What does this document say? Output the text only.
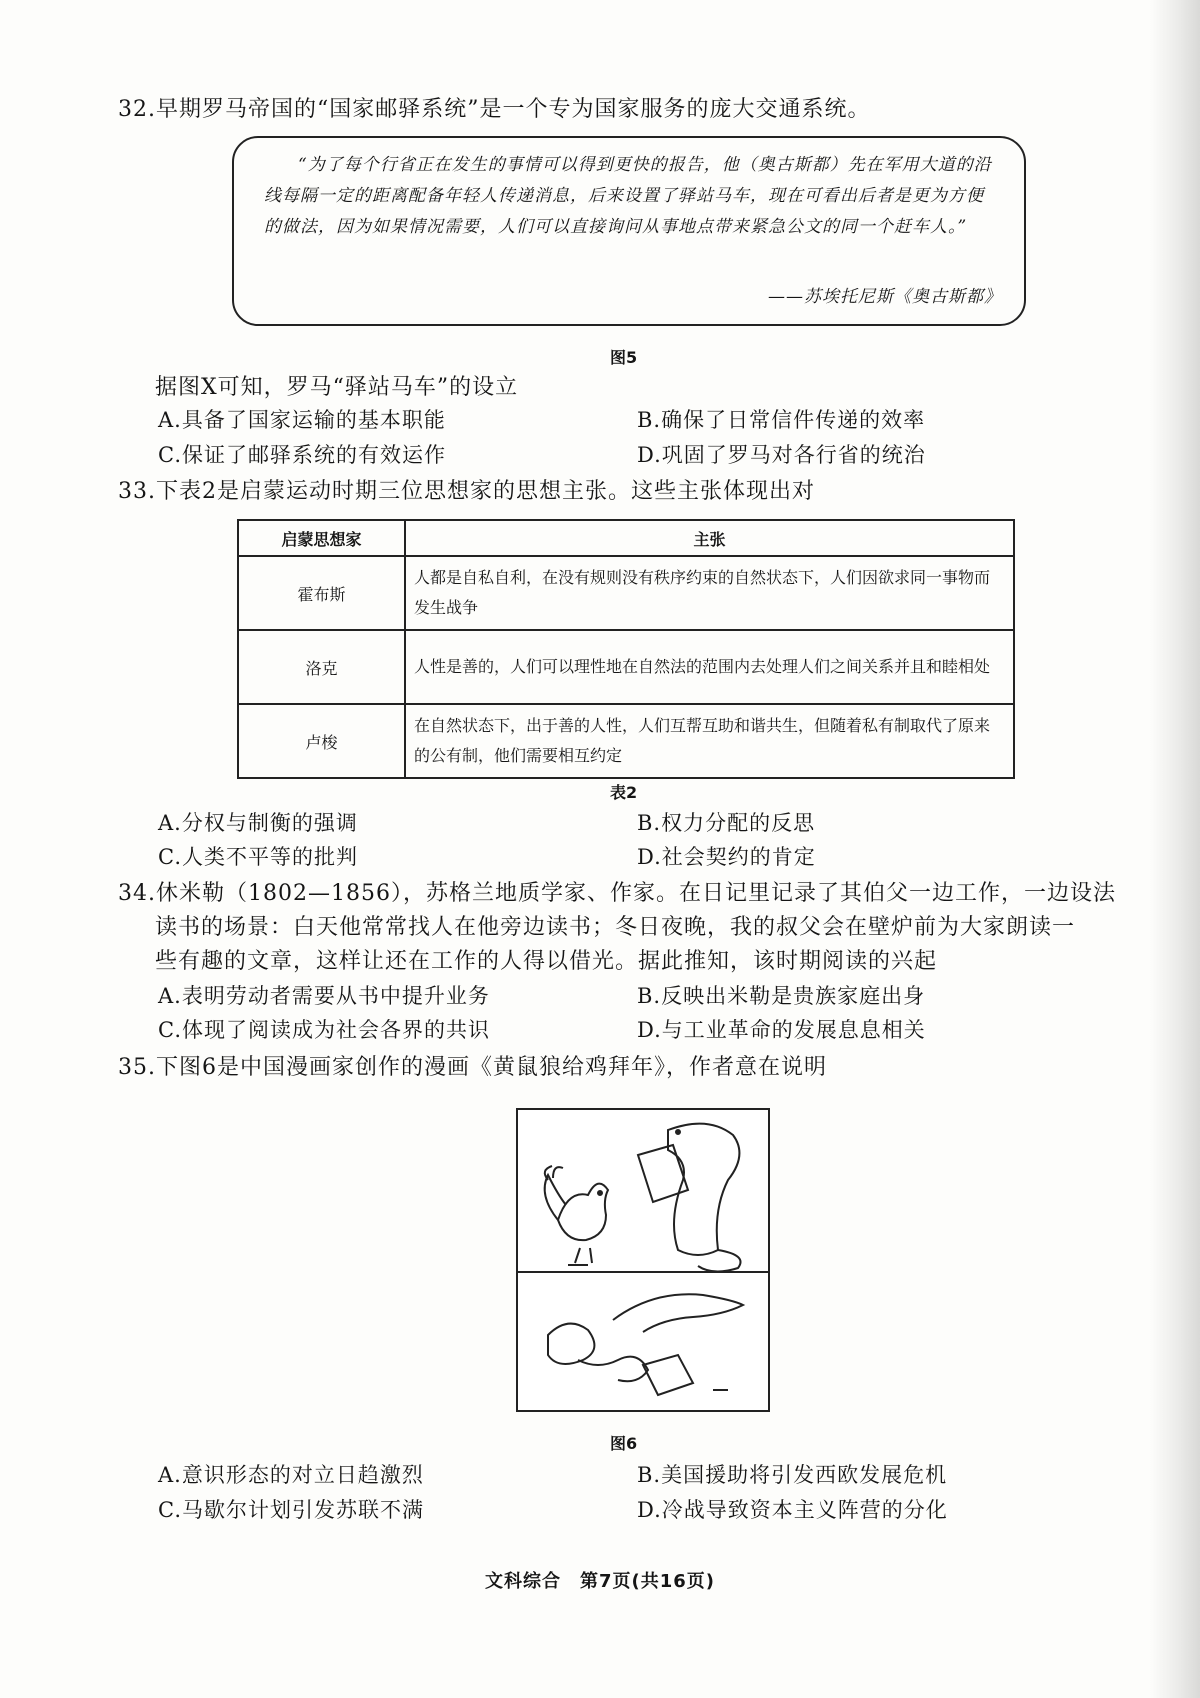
32.早期罗马帝国的“国家邮驿系统”是一个专为国家服务的庞大交通系统。
“为了每个行省正在发生的事情可以得到更快的报告，他（奥古斯都）先在军用大道的沿线每隔一定的距离配备年轻人传递消息，后来设置了驿站马车，现在可看出后者是更为方便的做法，因为如果情况需要，人们可以直接询问从事地点带来紧急公文的同一个赶车人。”
——苏埃托尼斯《奥古斯都》
图5
据图X可知，罗马“驿站马车”的设立
A.具备了国家运输的基本职能	B.确保了日常信件传递的效率
C.保证了邮驿系统的有效运作	D.巩固了罗马对各行省的统治
33.下表2是启蒙运动时期三位思想家的思想主张。这些主张体现出对
启蒙思想家	主张
霍布斯	人都是自私自利，在没有规则没有秩序约束的自然状态下，人们因欲求同一事物而发生战争
洛克	人性是善的，人们可以理性地在自然法的范围内去处理人们之间关系并且和睦相处
卢梭	在自然状态下，出于善的人性，人们互帮互助和谐共生，但随着私有制取代了原来的公有制，他们需要相互约定
表2
A.分权与制衡的强调	B.权力分配的反思
C.人类不平等的批判	D.社会契约的肯定
34.休米勒（1802—1856），苏格兰地质学家、作家。在日记里记录了其伯父一边工作，一边设法
读书的场景：白天他常常找人在他旁边读书；冬日夜晚，我的叔父会在壁炉前为大家朗读一
些有趣的文章，这样让还在工作的人得以借光。据此推知，该时期阅读的兴起
A.表明劳动者需要从书中提升业务	B.反映出米勒是贵族家庭出身
C.体现了阅读成为社会各界的共识	D.与工业革命的发展息息相关
35.下图6是中国漫画家创作的漫画《黄鼠狼给鸡拜年》，作者意在说明
图6
A.意识形态的对立日趋激烈	B.美国援助将引发西欧发展危机
C.马歇尔计划引发苏联不满	D.冷战导致资本主义阵营的分化
文科综合　第7页(共16页)
